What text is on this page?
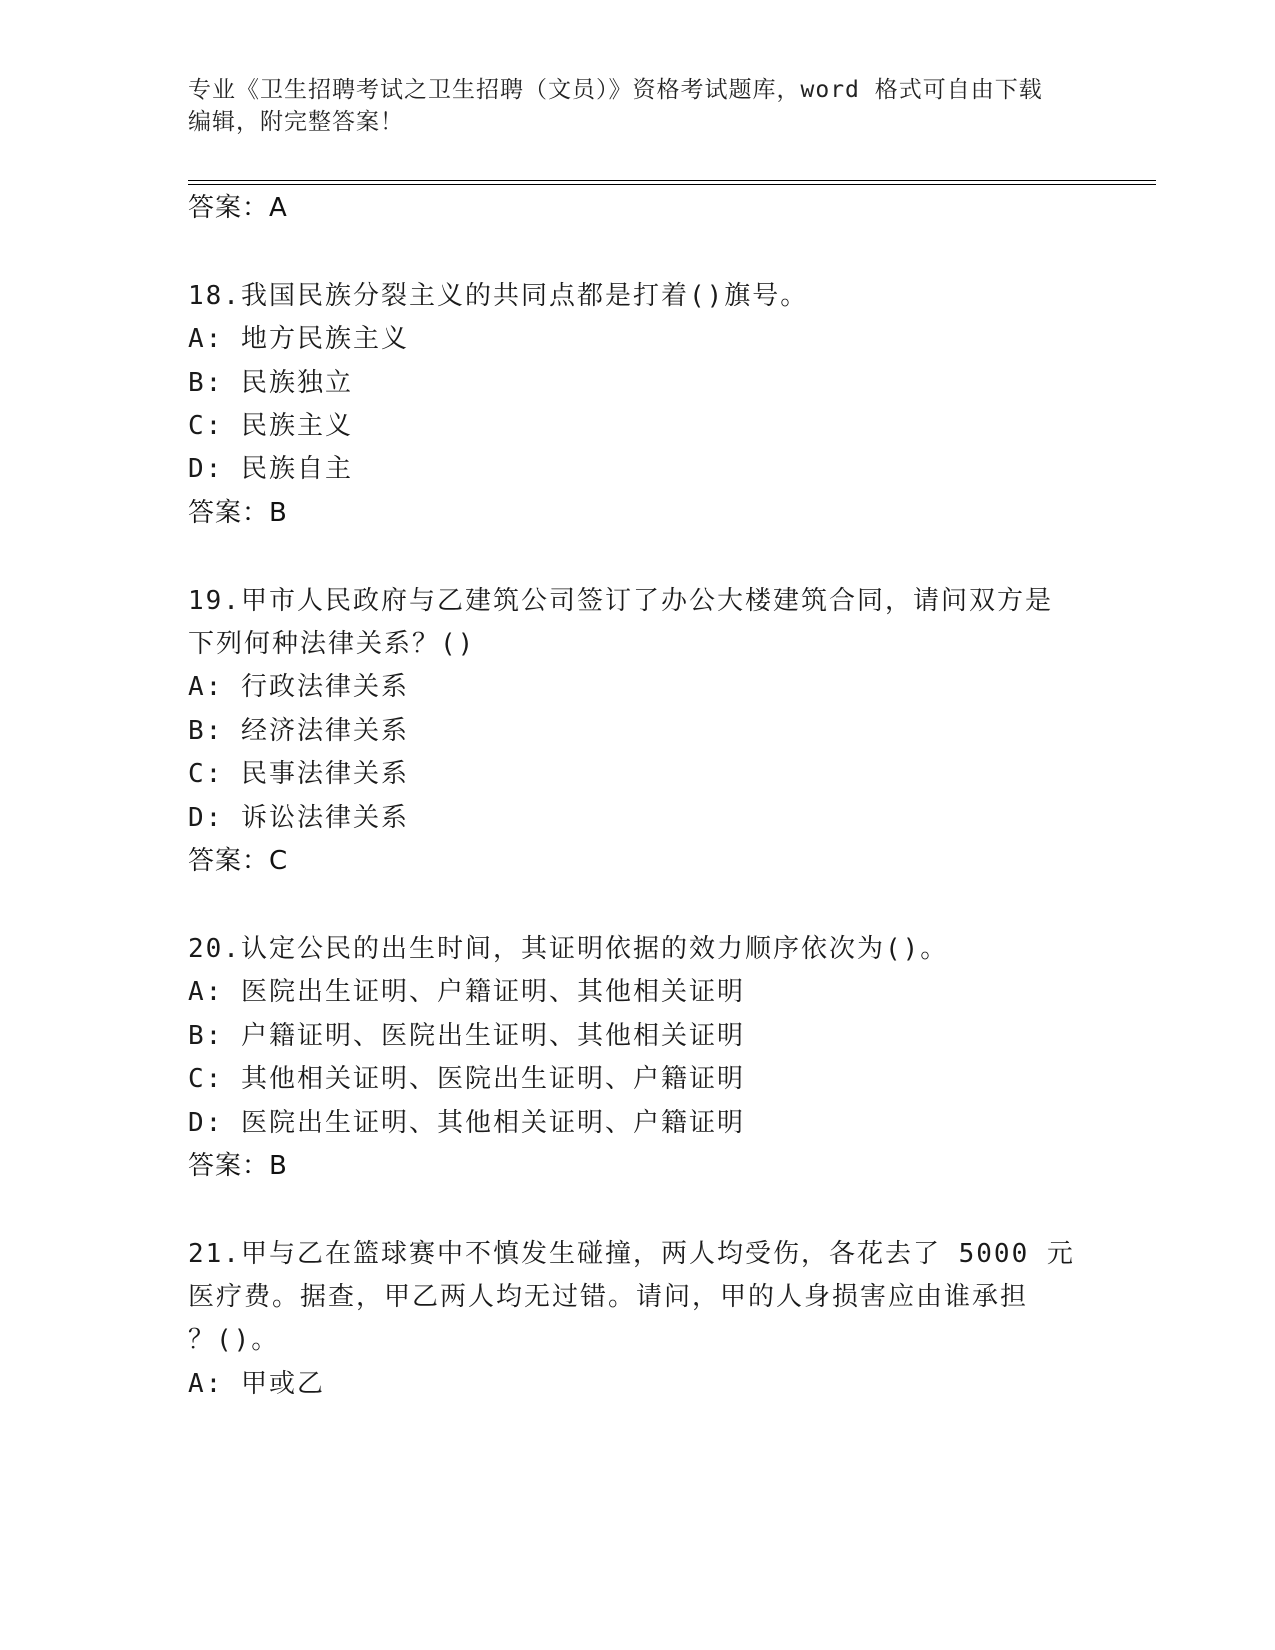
专业《卫生招聘考试之卫生招聘（文员）》资格考试题库，word 格式可自由下载
编辑，附完整答案！
答案：A
18.我国民族分裂主义的共同点都是打着()旗号。
A: 地方民族主义
B: 民族独立
C: 民族主义
D: 民族自主
答案：B
19.甲市人民政府与乙建筑公司签订了办公大楼建筑合同，请问双方是
下列何种法律关系？()
A: 行政法律关系
B: 经济法律关系
C: 民事法律关系
D: 诉讼法律关系
答案：C
20.认定公民的出生时间，其证明依据的效力顺序依次为()。
A: 医院出生证明、户籍证明、其他相关证明
B: 户籍证明、医院出生证明、其他相关证明
C: 其他相关证明、医院出生证明、户籍证明
D: 医院出生证明、其他相关证明、户籍证明
答案：B
21.甲与乙在篮球赛中不慎发生碰撞，两人均受伤，各花去了 5000 元
医疗费。据查，甲乙两人均无过错。请问，甲的人身损害应由谁承担
？()。
A: 甲或乙
